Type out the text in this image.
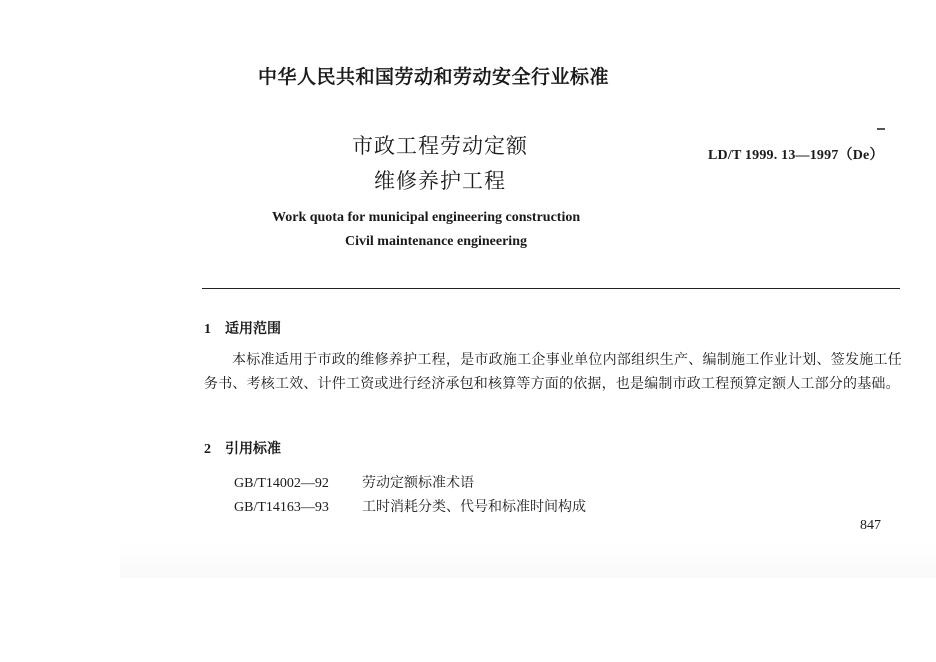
中华人民共和国劳动和劳动安全行业标准
市政工程劳动定额
维修养护工程
LD/T 1999. 13—1997（De）
Work quota for municipal engineering construction
Civil maintenance engineering
1 适用范围
本标准适用于市政的维修养护工程，是市政施工企事业单位内部组织生产、编制施工作业计划、签发施工任务书、考核工效、计件工资或进行经济承包和核算等方面的依据，也是编制市政工程预算定额人工部分的基础。
2 引用标准
GB/T14002—92 劳动定额标准术语
GB/T14163—93 工时消耗分类、代号和标准时间构成
847
